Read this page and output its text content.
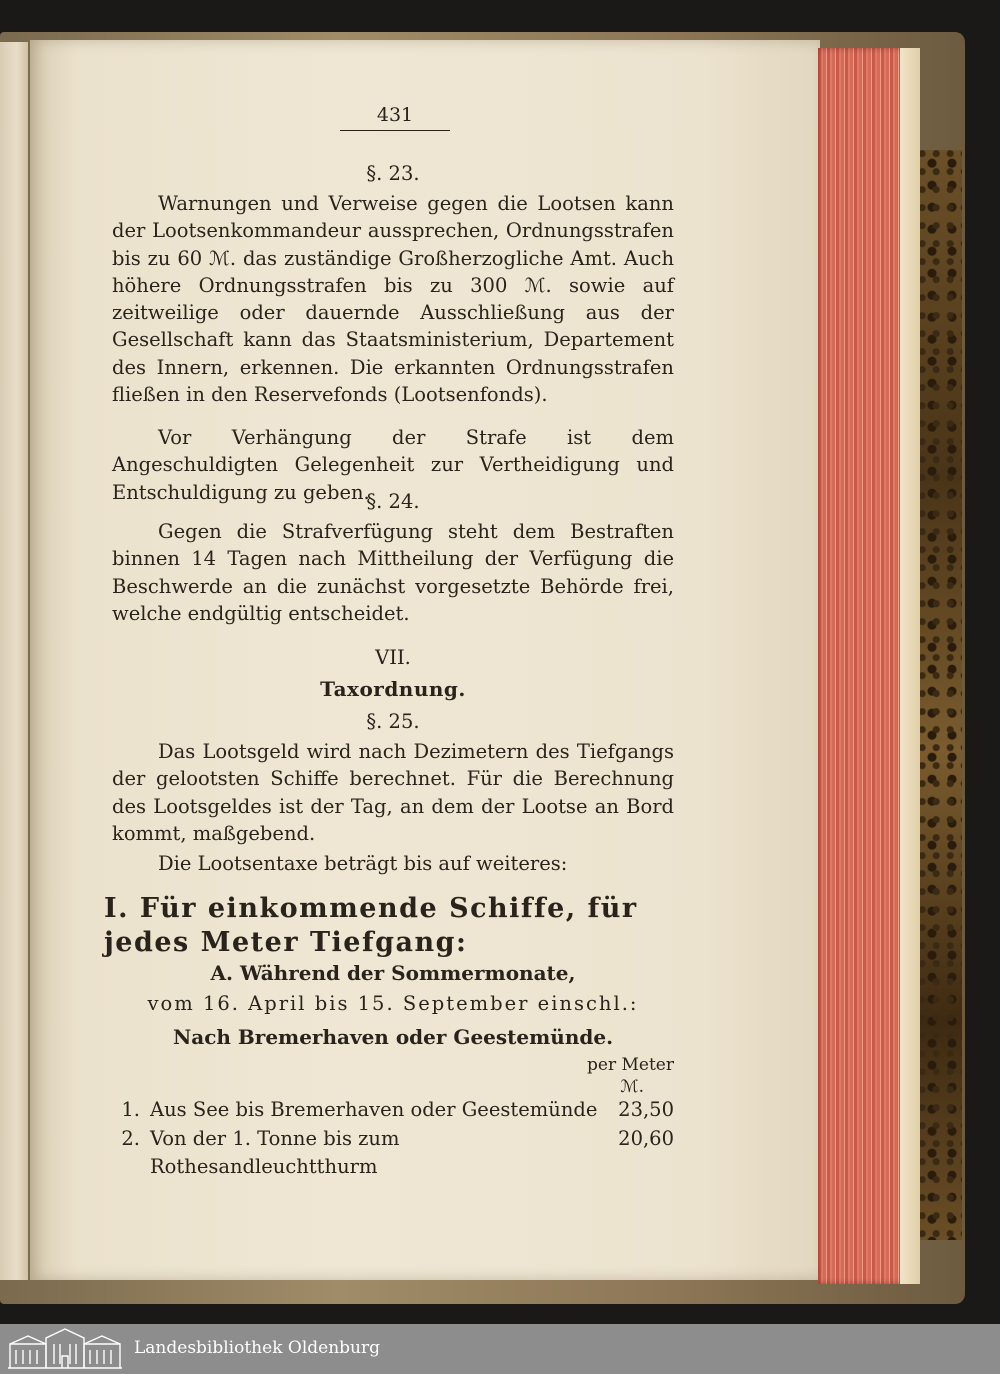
431
§. 23.
Warnungen und Verweise gegen die Lootsen kann der Lootsenkommandeur aussprechen, Ordnungsstrafen bis zu 60 ℳ. das zuständige Großherzogliche Amt. Auch höhere Ordnungsstrafen bis zu 300 ℳ. sowie auf zeitweilige oder dauernde Ausschließung aus der Gesellschaft kann das Staatsministerium, Departement des Innern, erkennen. Die erkannten Ordnungsstrafen fließen in den Reservefonds (Lootsenfonds).
Vor Verhängung der Strafe ist dem Angeschuldigten Gelegenheit zur Vertheidigung und Entschuldigung zu geben.
§. 24.
Gegen die Strafverfügung steht dem Bestraften binnen 14 Tagen nach Mittheilung der Verfügung die Beschwerde an die zunächst vorgesetzte Behörde frei, welche endgültig entscheidet.
VII.
Taxordnung.
§. 25.
Das Lootsgeld wird nach Dezimetern des Tiefgangs der gelootsten Schiffe berechnet. Für die Berechnung des Lootsgeldes ist der Tag, an dem der Lootse an Bord kommt, maßgebend.
Die Lootsentaxe beträgt bis auf weiteres:
I. Für einkommende Schiffe, für jedes Meter Tiefgang:
A. Während der Sommermonate,
vom 16. April bis 15. September einschl.:
Nach Bremerhaven oder Geestemünde.
per Meter
ℳ.
1. Aus See bis Bremerhaven oder Geestemünde	23,50
2. Von der 1. Tonne bis zum Rothesandleuchtthurm
20,60
Landesbibliothek Oldenburg
